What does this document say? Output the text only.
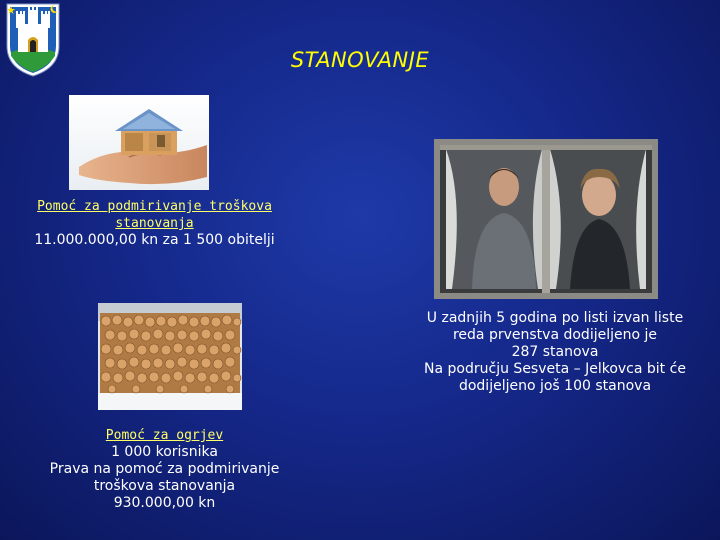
STANOVANJE
Pomoć za podmirivanje troškova stanovanja
11.000.000,00 kn za 1 500 obitelji
U zadnjih 5 godina po listi izvan liste
reda prvenstva dodijeljeno je
287 stanova
Na području Sesveta – Jelkovca bit će
dodijeljeno još 100 stanova
Pomoć za ogrjev
1 000 korisnika
Prava na pomoć za podmirivanje
troškova stanovanja
930.000,00 kn
